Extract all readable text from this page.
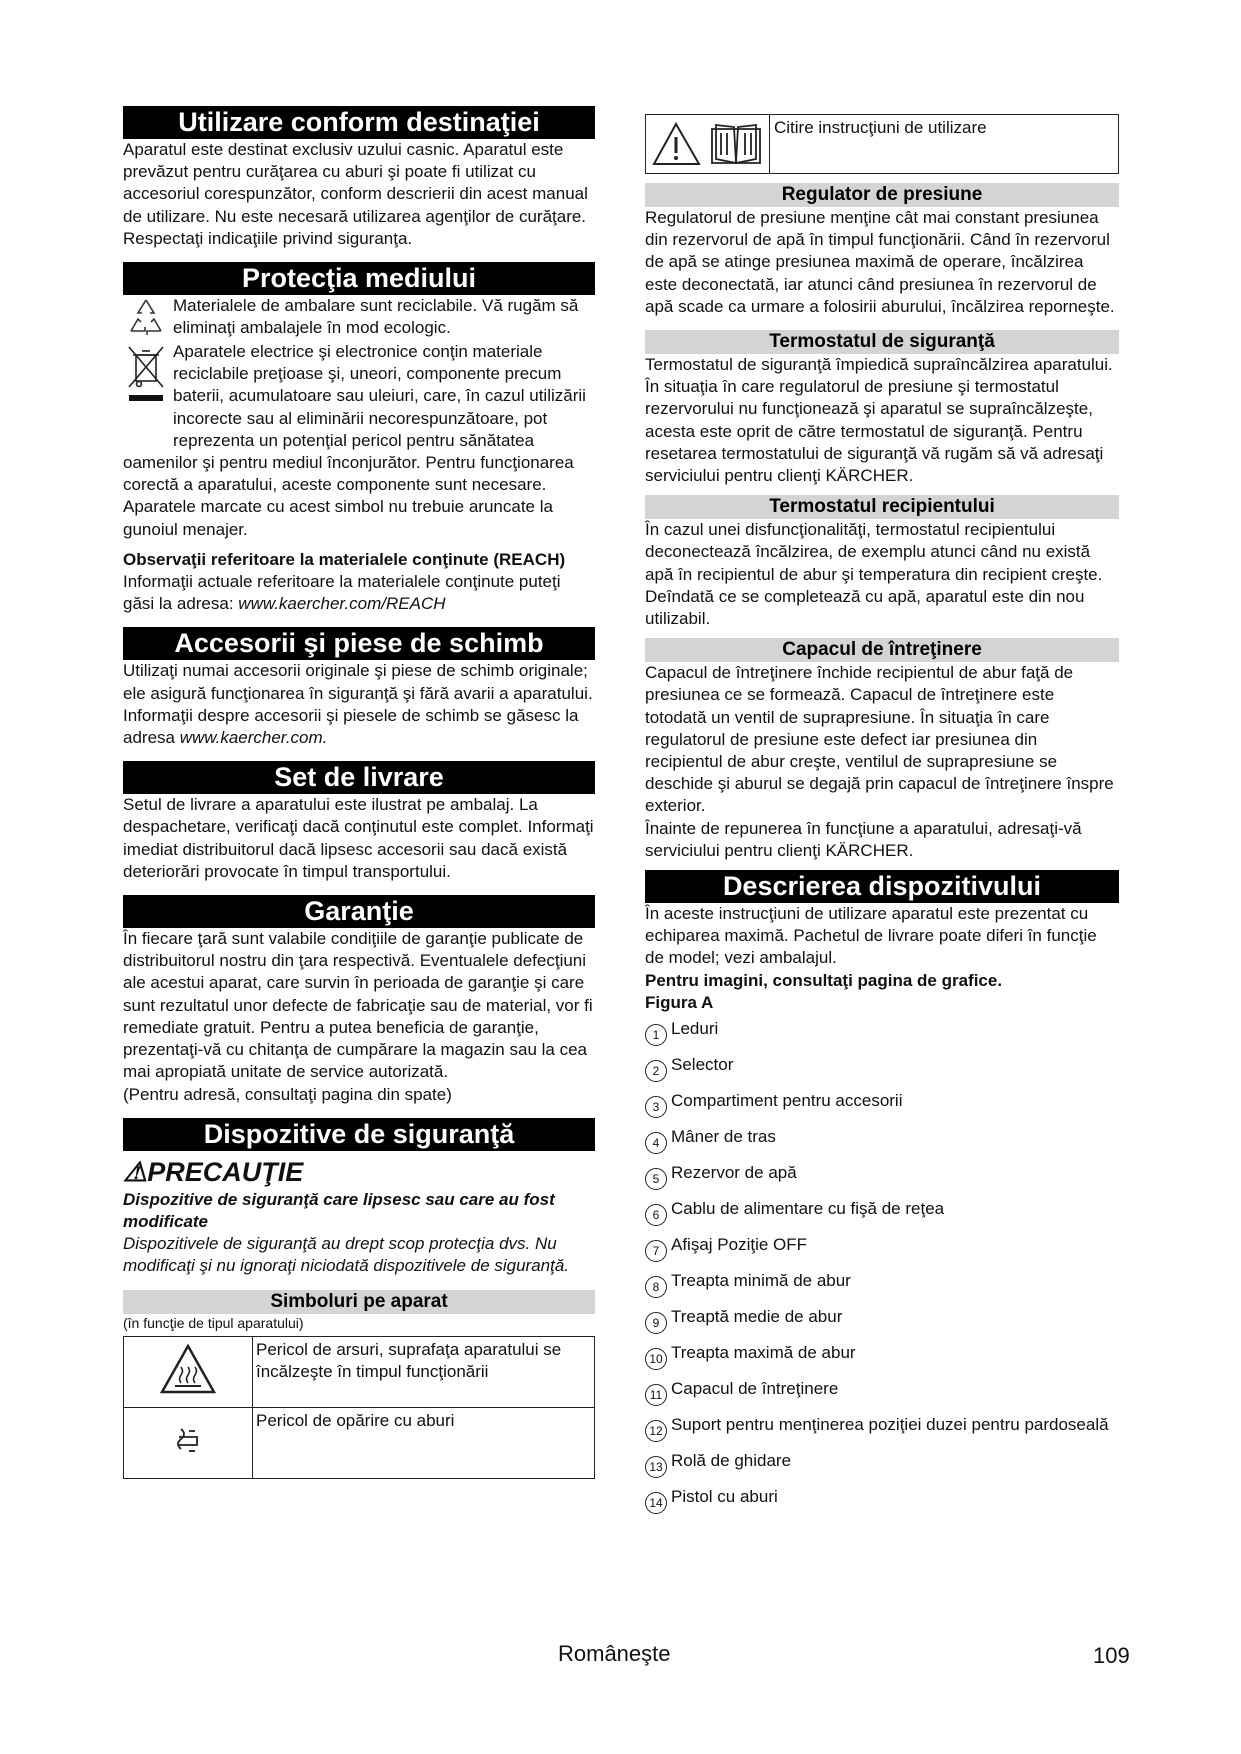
Utilizare conform destinaţiei

Aparatul este destinat exclusiv uzului casnic. Aparatul este prevăzut pentru curăţarea cu aburi şi poate fi utilizat cu accesoriul corespunzător, conform descrierii din acest manual de utilizare. Nu este necesară utilizarea agenţilor de curăţare. Respectaţi indicaţiile privind siguranţa.

Protecţia mediului

Materialele de ambalare sunt reciclabile. Vă rugăm să eliminaţi ambalajele în mod ecologic.

Aparatele electrice şi electronice conţin materiale reciclabile preţioase şi, uneori, componente precum baterii, acumulatoare sau uleiuri, care, în cazul utilizării incorecte sau al eliminării necorespunzătoare, pot reprezenta un potenţial pericol pentru sănătatea oamenilor şi pentru mediul înconjurător. Pentru funcţionarea corectă a aparatului, aceste componente sunt necesare. Aparatele marcate cu acest simbol nu trebuie aruncate la gunoiul menajer.

Observaţii referitoare la materialele conţinute (REACH)

Informaţii actuale referitoare la materialele conţinute puteţi găsi la adresa: www.kaercher.com/REACH

Accesorii şi piese de schimb

Utilizaţi numai accesorii originale şi piese de schimb originale; ele asigură funcţionarea în siguranţă şi fără avarii a aparatului.

Informaţii despre accesorii şi piesele de schimb se găsesc la adresa www.kaercher.com.

Set de livrare

Setul de livrare a aparatului este ilustrat pe ambalaj. La despachetare, verificaţi dacă conţinutul este complet. Informaţi imediat distribuitorul dacă lipsesc accesorii sau dacă există deteriorări provocate în timpul transportului.

Garanţie

În fiecare ţară sunt valabile condiţiile de garanţie publicate de distribuitorul nostru din ţara respectivă. Eventualele defecţiuni ale acestui aparat, care survin în perioada de garanţie şi care sunt rezultatul unor defecte de fabricaţie sau de material, vor fi remediate gratuit. Pentru a putea beneficia de garanţie, prezentaţi-vă cu chitanţa de cumpărare la magazin sau la cea mai apropiată unitate de service autorizată.

(Pentru adresă, consultaţi pagina din spate)

Dispozitive de siguranţă
⚠PRECAUŢIE

Dispozitive de siguranţă care lipsesc sau care au fost modificate

Dispozitivele de siguranţă au drept scop protecţia dvs. Nu modificaţi şi nu ignoraţi niciodată dispozitivele de siguranţă.

Simboluri pe aparat

(în funcţie de tipul aparatului)

	Pericol de arsuri, suprafaţa aparatului se încălzeşte în timpul funcţionării
	Pericol de opărire cu aburi
Citire instrucţiuni de utilizare
Regulator de presiune

Regulatorul de presiune menţine cât mai constant presiunea din rezervorul de apă în timpul funcţionării. Când în rezervorul de apă se atinge presiunea maximă de operare, încălzirea este deconectată, iar atunci când presiunea în rezervorul de apă scade ca urmare a folosirii aburului, încălzirea reporneşte.

Termostatul de siguranţă

Termostatul de siguranţă împiedică supraîncălzirea aparatului. În situaţia în care regulatorul de presiune şi termostatul rezervorului nu funcţionează şi aparatul se supraîncălzeşte, acesta este oprit de către termostatul de siguranţă. Pentru resetarea termostatului de siguranţă vă rugăm să vă adresaţi serviciului pentru clienţi KÄRCHER.

Termostatul recipientului

În cazul unei disfuncţionalităţi, termostatul recipientului deconectează încălzirea, de exemplu atunci când nu există apă în recipientul de abur şi temperatura din recipient creşte.

Deîndată ce se completează cu apă, aparatul este din nou utilizabil.

Capacul de întreţinere

Capacul de întreţinere închide recipientul de abur faţă de presiunea ce se formează. Capacul de întreţinere este totodată un ventil de suprapresiune. În situaţia în care regulatorul de presiune este defect iar presiunea din recipientul de abur creşte, ventilul de suprapresiune se deschide şi aburul se degajă prin capacul de întreţinere înspre exterior.

Înainte de repunerea în funcţiune a aparatului, adresaţi-vă serviciului pentru clienţi KÄRCHER.

Descrierea dispozitivului

În aceste instrucţiuni de utilizare aparatul este prezentat cu echiparea maximă. Pachetul de livrare poate diferi în funcţie de model; vezi ambalajul.

Pentru imagini, consultaţi pagina de grafice.

Figura A

1 Leduri
2 Selector
3 Compartiment pentru accesorii
4 Mâner de tras
5 Rezervor de apă
6 Cablu de alimentare cu fişă de reţea
7 Afişaj Poziţie OFF
8 Treapta minimă de abur
9 Treaptă medie de abur
10 Treapta maximă de abur
11 Capacul de întreţinere
12 Suport pentru menţinerea poziţiei duzei pentru pardoseală
13 Rolă de ghidare
14 Pistol cu aburi
Româneşte	109
